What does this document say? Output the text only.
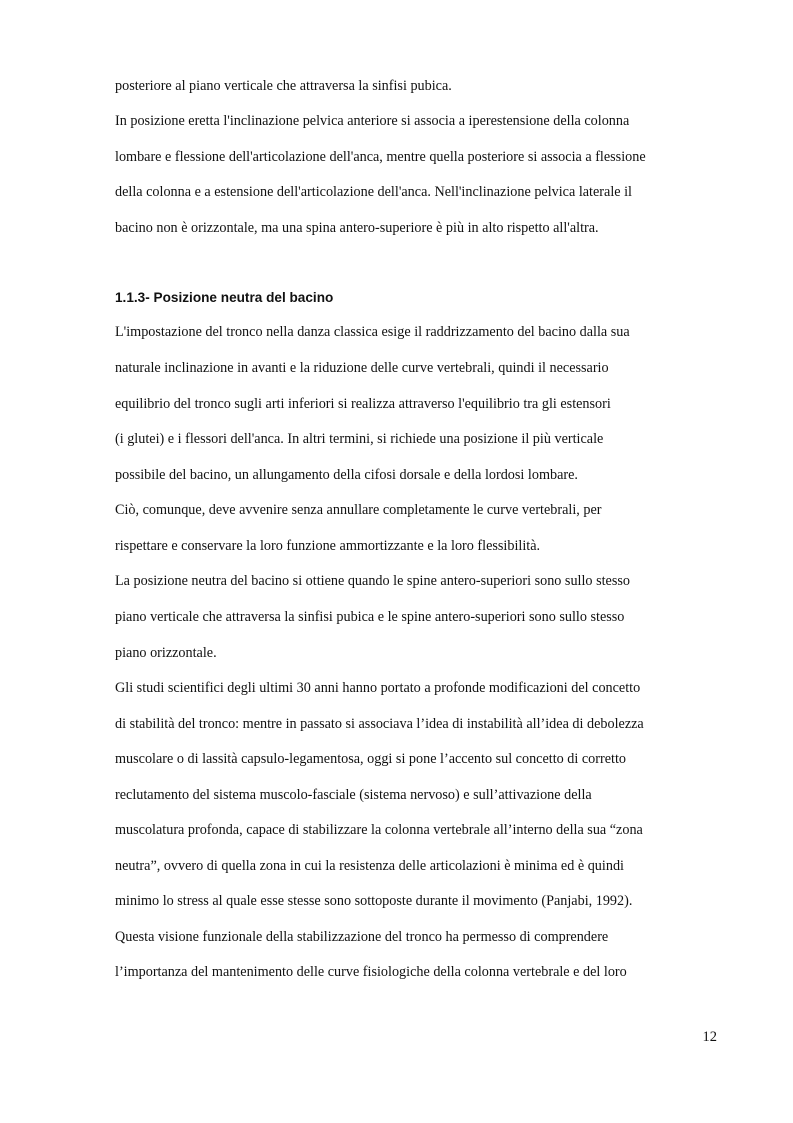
posteriore al piano verticale che attraversa la sinfisi pubica.

In posizione eretta l'inclinazione pelvica anteriore si associa a iperestensione della colonna

lombare e flessione dell'articolazione dell'anca, mentre quella posteriore si associa a flessione

della colonna e a estensione dell'articolazione dell'anca. Nell'inclinazione pelvica laterale il

bacino non è orizzontale, ma una spina antero-superiore è più in alto rispetto all'altra.

1.1.3- Posizione neutra del bacino

L'impostazione del tronco nella danza classica esige il raddrizzamento del bacino dalla sua

naturale inclinazione in avanti e la riduzione delle curve vertebrali, quindi il necessario

equilibrio del tronco sugli arti inferiori si realizza attraverso l'equilibrio tra gli estensori

(i glutei) e i flessori dell'anca. In altri termini, si richiede una posizione il più verticale

possibile del bacino, un allungamento della cifosi dorsale e della lordosi lombare.

Ciò, comunque, deve avvenire senza annullare completamente le curve vertebrali, per

rispettare e conservare la loro funzione ammortizzante e la loro flessibilità.

La posizione neutra del bacino si ottiene quando le spine antero-superiori sono sullo stesso

piano verticale che attraversa la sinfisi pubica e le spine antero-superiori sono sullo stesso

piano orizzontale.

Gli studi scientifici degli ultimi 30 anni hanno portato a profonde modificazioni del concetto

di stabilità del tronco: mentre in passato si associava l’idea di instabilità all’idea di debolezza

muscolare o di lassità capsulo-legamentosa, oggi si pone l’accento sul concetto di corretto

reclutamento del sistema muscolo-fasciale (sistema nervoso) e sull’attivazione della

muscolatura profonda, capace di stabilizzare la colonna vertebrale all’interno della sua “zona

neutra”, ovvero di quella zona in cui la resistenza delle articolazioni è minima ed è quindi

minimo lo stress al quale esse stesse sono sottoposte durante il movimento (Panjabi, 1992).

Questa visione funzionale della stabilizzazione del tronco ha permesso di comprendere

l’importanza del mantenimento delle curve fisiologiche della colonna vertebrale e del loro

12
